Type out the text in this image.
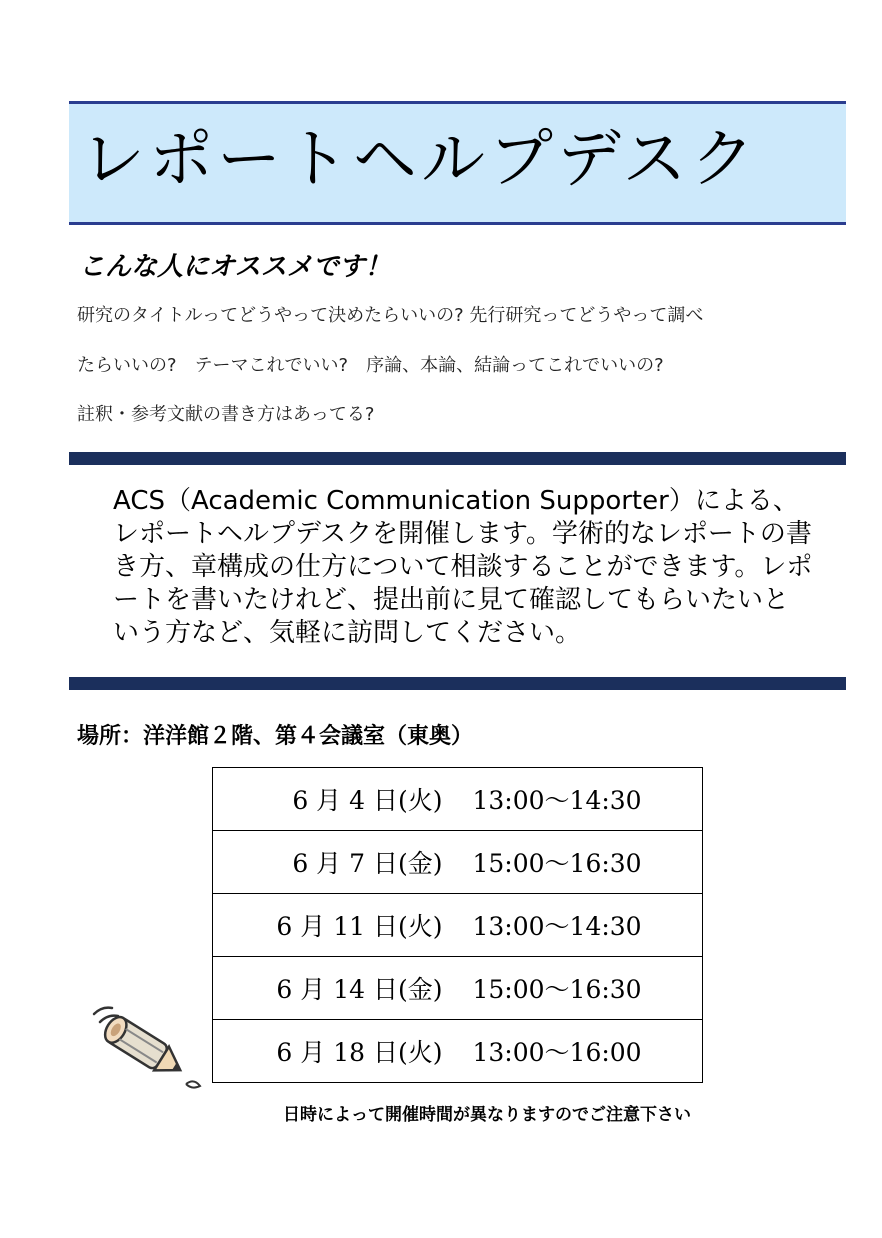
レポートヘルプデスク
こんな人にオススメです！
研究のタイトルってどうやって決めたらいいの? 先行研究ってどうやって調べ
たらいいの?　テーマこれでいい?　序論、本論、結論ってこれでいいの?
註釈・参考文献の書き方はあってる?

ACS（Academic Communication Supporter）による、レポートヘルプデスクを開催します。学術的なレポートの書き方、章構成の仕方について相談することができます。レポートを書いたけれど、提出前に見て確認してもらいたいという方など、気軽に訪問してください。

場所：洋洋館２階、第４会議室（東奥）
6 月 4 日(火) 13:00～14:30
6 月 7 日(金) 15:00～16:30
6 月 11 日(火) 13:00～14:30
6 月 14 日(金) 15:00～16:30
6 月 18 日(火) 13:00～16:00
日時によって開催時間が異なりますのでご注意下さい
